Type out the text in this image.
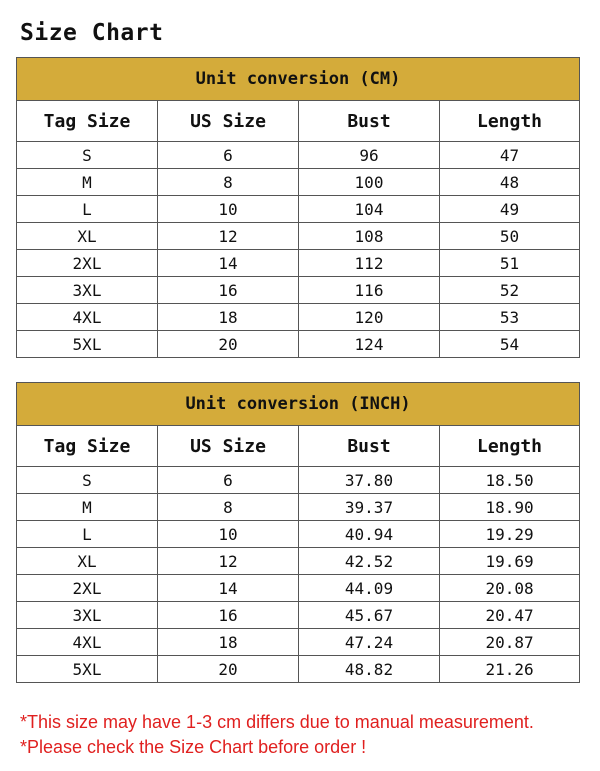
Size Chart
Unit conversion (CM)			
Tag Size	US Size	Bust	Length
S	6	96	47
M	8	100	48
L	10	104	49
XL	12	108	50
2XL	14	112	51
3XL	16	116	52
4XL	18	120	53
5XL	20	124	54
Unit conversion (INCH)			
Tag Size	US Size	Bust	Length
S	6	37.80	18.50
M	8	39.37	18.90
L	10	40.94	19.29
XL	12	42.52	19.69
2XL	14	44.09	20.08
3XL	16	45.67	20.47
4XL	18	47.24	20.87
5XL	20	48.82	21.26
*This size may have 1-3 cm differs due to manual measurement.
*Please check the Size Chart before order !
